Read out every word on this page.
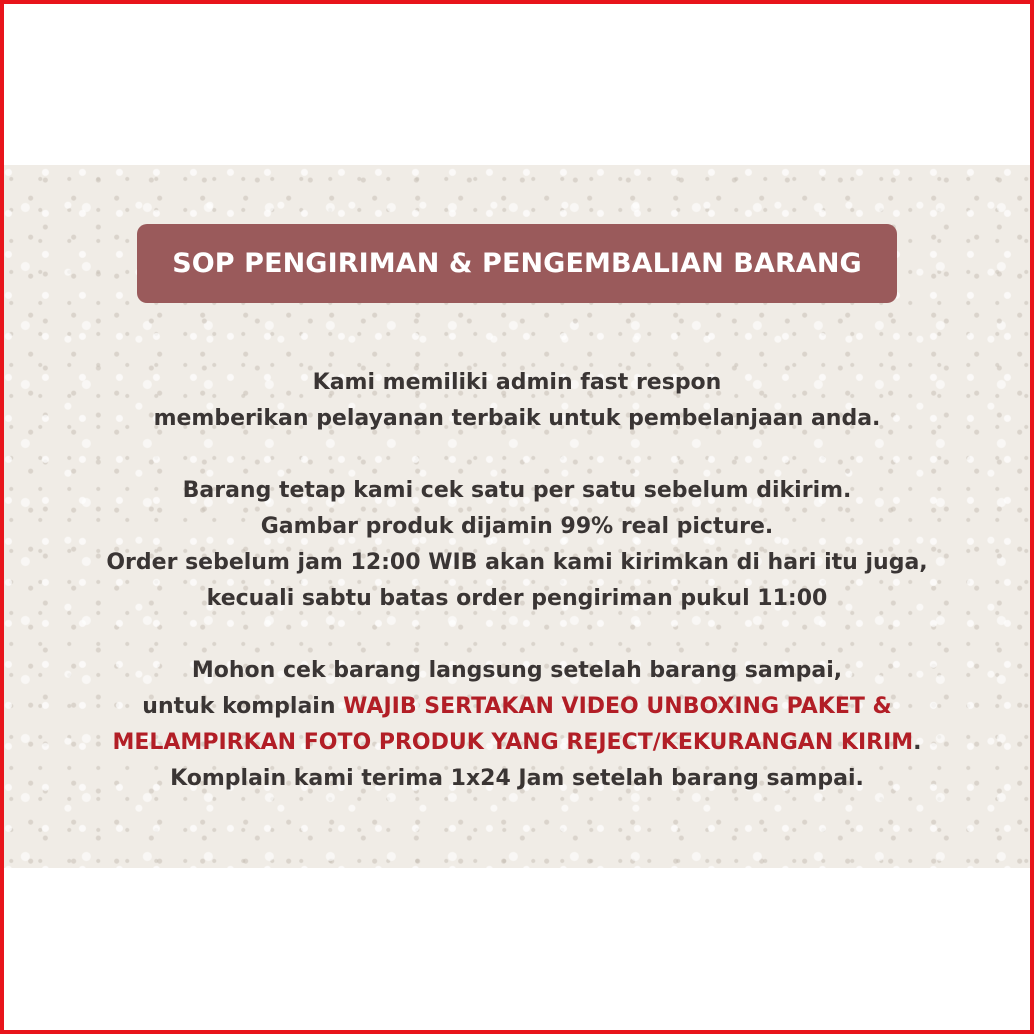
SOP PENGIRIMAN & PENGEMBALIAN BARANG
Kami memiliki admin fast respon
memberikan pelayanan terbaik untuk pembelanjaan anda.
Barang tetap kami cek satu per satu sebelum dikirim.
Gambar produk dijamin 99% real picture.
Order sebelum jam 12:00 WIB akan kami kirimkan di hari itu juga,
kecuali sabtu batas order pengiriman pukul 11:00
Mohon cek barang langsung setelah barang sampai,
untuk komplain WAJIB SERTAKAN VIDEO UNBOXING PAKET &
MELAMPIRKAN FOTO PRODUK YANG REJECT/KEKURANGAN KIRIM.
Komplain kami terima 1x24 Jam setelah barang sampai.
